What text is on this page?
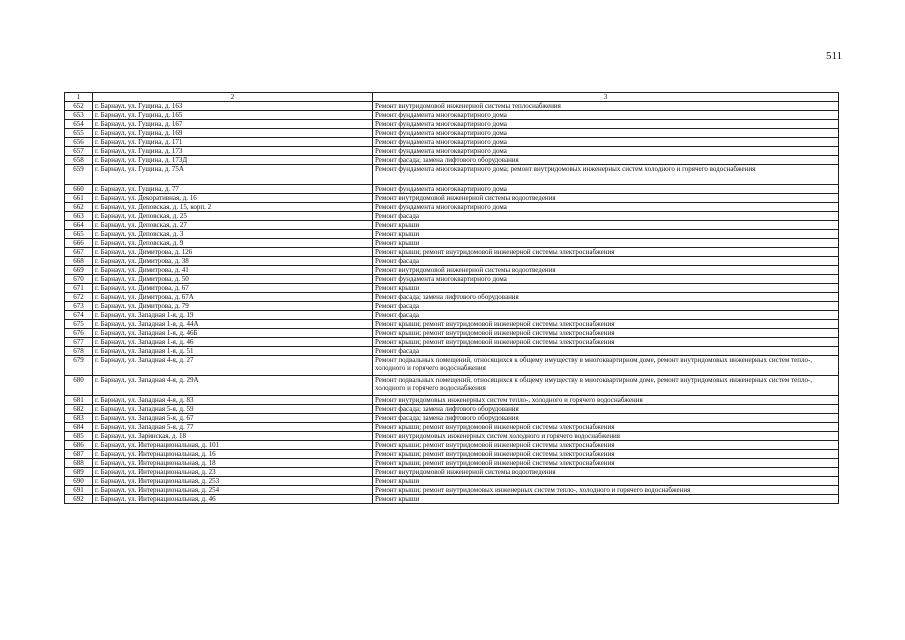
511
1	2	3
652	г. Барнаул, ул. Гущина, д. 163	Ремонт внутридомовой инженерной системы теплоснабжения
653	г. Барнаул, ул. Гущина, д. 165	Ремонт фундамента многоквартирного дома
654	г. Барнаул, ул. Гущина, д. 167	Ремонт фундамента многоквартирного дома
655	г. Барнаул, ул. Гущина, д. 169	Ремонт фундамента многоквартирного дома
656	г. Барнаул, ул. Гущина, д. 171	Ремонт фундамента многоквартирного дома
657	г. Барнаул, ул. Гущина, д. 173	Ремонт фундамента многоквартирного дома
658	г. Барнаул, ул. Гущина, д. 173Д	Ремонт фасада; замена лифтового оборудования
659	г. Барнаул, ул. Гущина, д. 75А	Ремонт фундамента многоквартирного дома; ремонт внутридомовых инженерных систем холодного и горячего водоснабжения
660	г. Барнаул, ул. Гущина, д. 77	Ремонт фундамента многоквартирного дома
661	г. Барнаул, ул. Декоративная, д. 16	Ремонт внутридомовой инженерной системы водоотведения
662	г. Барнаул, ул. Деповская, д. 15, корп. 2	Ремонт фундамента многоквартирного дома
663	г. Барнаул, ул. Деповская, д. 25	Ремонт фасада
664	г. Барнаул, ул. Деповская, д. 27	Ремонт крыши
665	г. Барнаул, ул. Деповская, д. 3	Ремонт крыши
666	г. Барнаул, ул. Деповская, д. 9	Ремонт крыши
667	г. Барнаул, ул. Димитрова, д. 126	Ремонт крыши; ремонт внутридомовой инженерной системы электроснабжения
668	г. Барнаул, ул. Димитрова, д. 38	Ремонт фасада
669	г. Барнаул, ул. Димитрова, д. 41	Ремонт внутридомовой инженерной системы водоотведения
670	г. Барнаул, ул. Димитрова, д. 50	Ремонт фундамента многоквартирного дома
671	г. Барнаул, ул. Димитрова, д. 67	Ремонт крыши
672	г. Барнаул, ул. Димитрова, д. 67А	Ремонт фасада; замена лифтового оборудования
673	г. Барнаул, ул. Димитрова, д. 79	Ремонт фасада
674	г. Барнаул, ул. Западная 1-я, д. 19	Ремонт фасада
675	г. Барнаул, ул. Западная 1-я, д. 44А	Ремонт крыши; ремонт внутридомовой инженерной системы электроснабжения
676	г. Барнаул, ул. Западная 1-я, д. 46Б	Ремонт крыши; ремонт внутридомовой инженерной системы электроснабжения
677	г. Барнаул, ул. Западная 1-я, д. 46	Ремонт крыши; ремонт внутридомовой инженерной системы электроснабжения
678	г. Барнаул, ул. Западная 1-я, д. 51	Ремонт фасада
679	г. Барнаул, ул. Западная 4-я, д. 27	Ремонт подвальных помещений, относящихся к общему имуществу в многоквартирном доме, ремонт внутридомовых инженерных систем тепло-, холодного и горячего водоснабжения
680	г. Барнаул, ул. Западная 4-я, д. 29А	Ремонт подвальных помещений, относящихся к общему имуществу в многоквартирном доме, ремонт внутридомовых инженерных систем тепло-, холодного и горячего водоснабжения
681	г. Барнаул, ул. Западная 4-я, д. 83	Ремонт внутридомовых инженерных систем тепло-, холодного и горячего водоснабжения
682	г. Барнаул, ул. Западная 5-я, д. 59	Ремонт фасада; замена лифтового оборудования
683	г. Барнаул, ул. Западная 5-я, д. 67	Ремонт фасада; замена лифтового оборудования
684	г. Барнаул, ул. Западная 5-я, д. 77	Ремонт крыши; ремонт внутридомовой инженерной системы электроснабжения
685	г. Барнаул, ул. Заринская, д. 18	Ремонт внутридомовых инженерных систем холодного и горячего водоснабжения
686	г. Барнаул, ул. Интернациональная, д. 101	Ремонт крыши; ремонт внутридомовой инженерной системы электроснабжения
687	г. Барнаул, ул. Интернациональная, д. 16	Ремонт крыши; ремонт внутридомовой инженерной системы электроснабжения
688	г. Барнаул, ул. Интернациональная, д. 18	Ремонт крыши; ремонт внутридомовой инженерной системы электроснабжения
689	г. Барнаул, ул. Интернациональная, д. 23	Ремонт внутридомовой инженерной системы водоотведения
690	г. Барнаул, ул. Интернациональная, д. 253	Ремонт крыши
691	г. Барнаул, ул. Интернациональная, д. 254	Ремонт крыши; ремонт внутридомовых инженерных систем тепло-, холодного и горячего водоснабжения
692	г. Барнаул, ул. Интернациональная, д. 46	Ремонт крыши
